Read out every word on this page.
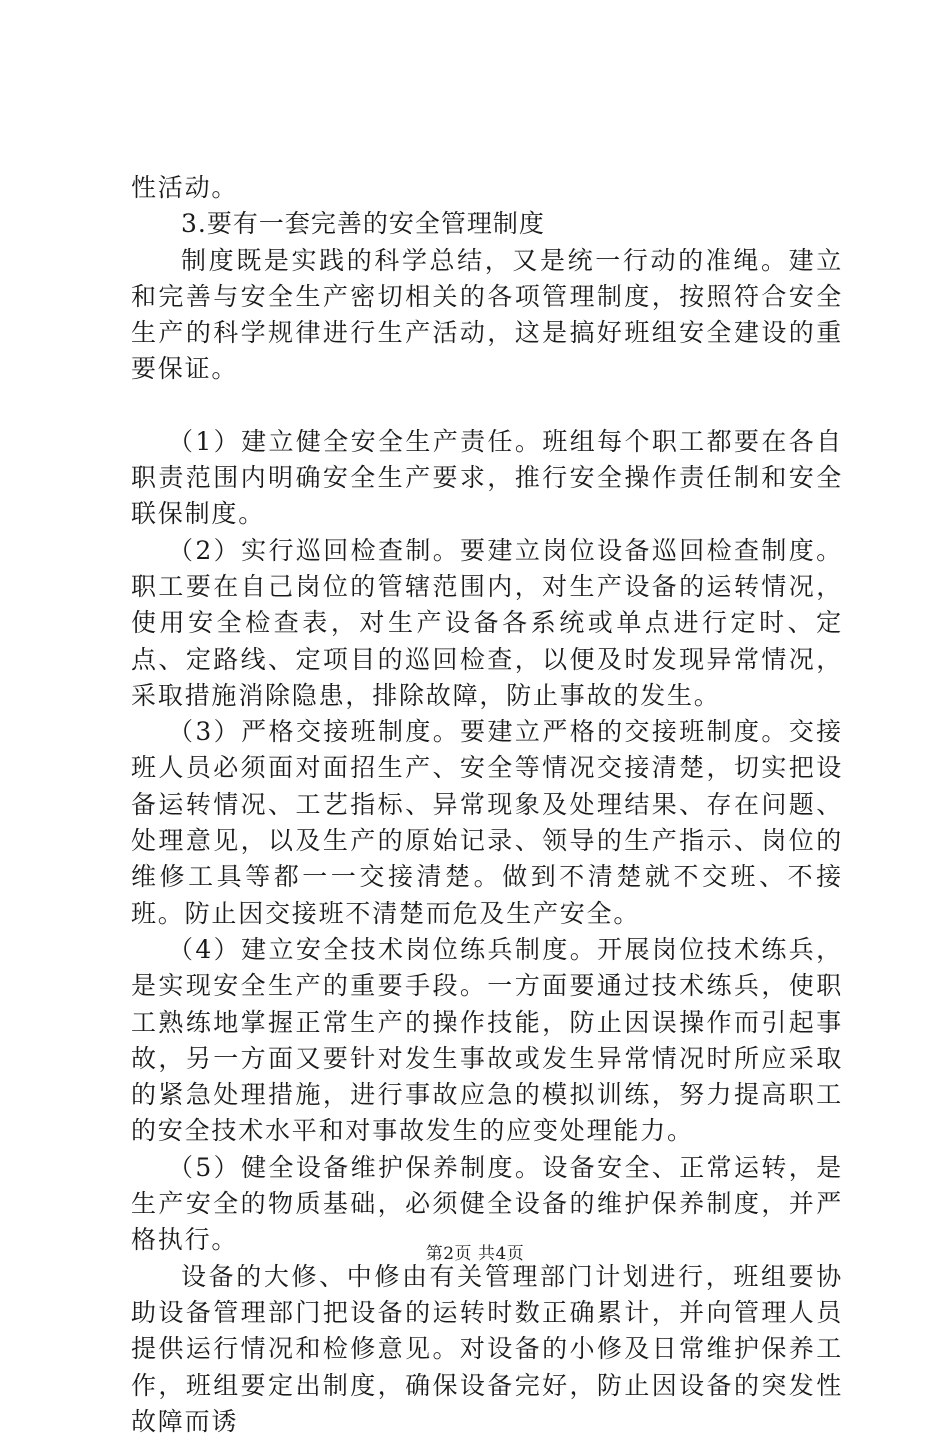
性活动。

3.要有一套完善的安全管理制度

制度既是实践的科学总结，又是统一行动的准绳。建立和完善与安全生产密切相关的各项管理制度，按照符合安全生产的科学规律进行生产活动，这是搞好班组安全建设的重要保证。

（1）建立健全安全生产责任。班组每个职工都要在各自职责范围内明确安全生产要求，推行安全操作责任制和安全联保制度。

（2）实行巡回检查制。要建立岗位设备巡回检查制度。职工要在自己岗位的管辖范围内，对生产设备的运转情况，使用安全检查表，对生产设备各系统或单点进行定时、定点、定路线、定项目的巡回检查，以便及时发现异常情况，采取措施消除隐患，排除故障，防止事故的发生。

（3）严格交接班制度。要建立严格的交接班制度。交接班人员必须面对面招生产、安全等情况交接清楚，切实把设备运转情况、工艺指标、异常现象及处理结果、存在问题、处理意见，以及生产的原始记录、领导的生产指示、岗位的维修工具等都一一交接清楚。做到不清楚就不交班、不接班。防止因交接班不清楚而危及生产安全。

（4）建立安全技术岗位练兵制度。开展岗位技术练兵，是实现安全生产的重要手段。一方面要通过技术练兵，使职工熟练地掌握正常生产的操作技能，防止因误操作而引起事故，另一方面又要针对发生事故或发生异常情况时所应采取的紧急处理措施，进行事故应急的模拟训练，努力提高职工的安全技术水平和对事故发生的应变处理能力。

（5）健全设备维护保养制度。设备安全、正常运转，是生产安全的物质基础，必须健全设备的维护保养制度，并严格执行。

设备的大修、中修由有关管理部门计划进行，班组要协助设备管理部门把设备的运转时数正确累计，并向管理人员提供运行情况和检修意见。对设备的小修及日常维护保养工作，班组要定出制度，确保设备完好，防止因设备的突发性故障而诱

第2页 共4页
